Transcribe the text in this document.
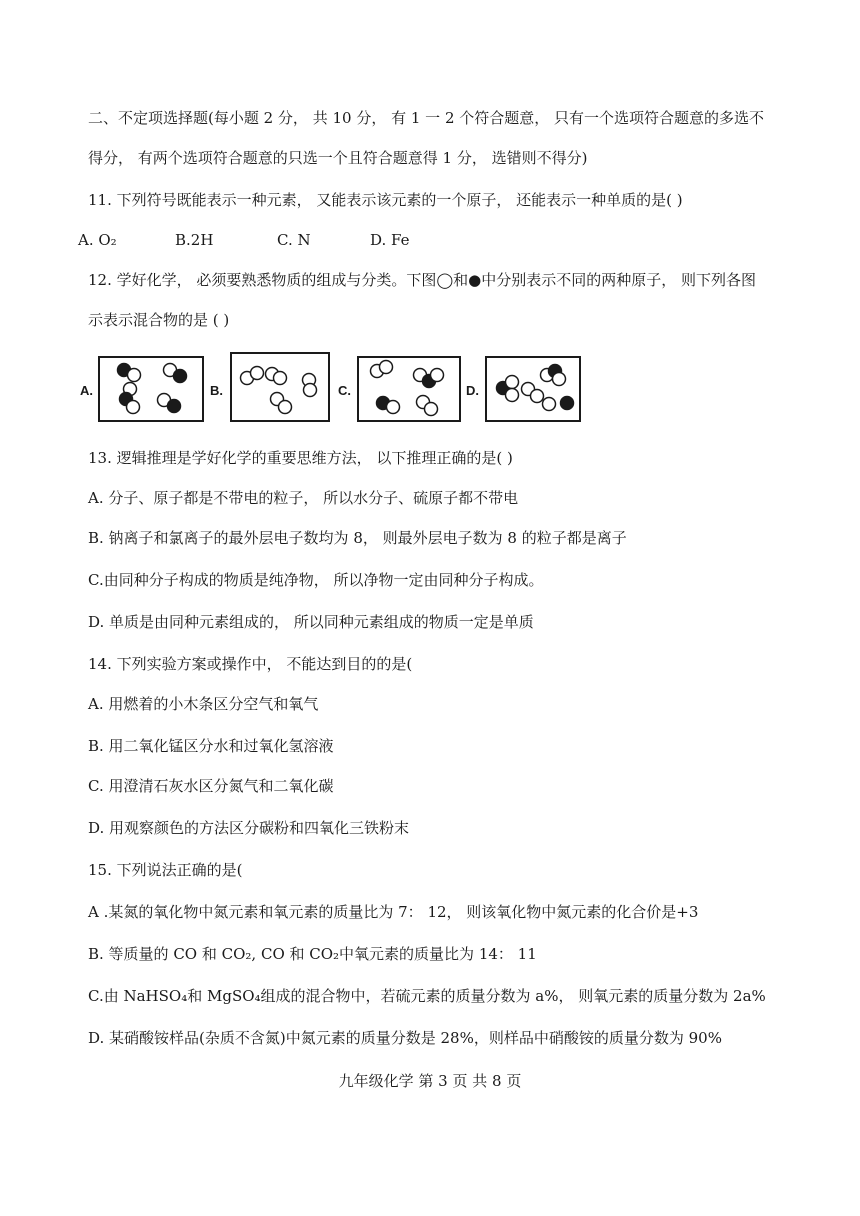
二、不定项选择题(每小题 2 分， 共 10 分， 有 1 一 2 个符合题意， 只有一个选项符合题意的多选不
得分， 有两个选项符合题意的只选一个且符合题意得 1 分， 选错则不得分)
11. 下列符号既能表示一种元素， 又能表示该元素的一个原子， 还能表示一种单质的是( )
A. O₂	B.2H	C. N	D. Fe
12. 学好化学， 必须要熟悉物质的组成与分类。下图◯和●中分别表示不同的两种原子， 则下列各图
示表示混合物的是 ( )
A.	B.	C.	D.
13. 逻辑推理是学好化学的重要思维方法， 以下推理正确的是( )
A. 分子、原子都是不带电的粒子， 所以水分子、硫原子都不带电
B. 钠离子和氯离子的最外层电子数均为 8， 则最外层电子数为 8 的粒子都是离子
C.由同种分子构成的物质是纯净物， 所以净物一定由同种分子构成。
D. 单质是由同种元素组成的， 所以同种元素组成的物质一定是单质
14. 下列实验方案或操作中， 不能达到目的的是(
A. 用燃着的小木条区分空气和氧气
B. 用二氧化锰区分水和过氧化氢溶液
C. 用澄清石灰水区分氮气和二氧化碳
D. 用观察颜色的方法区分碳粉和四氧化三铁粉末
15. 下列说法正确的是(
A .某氮的氧化物中氮元素和氧元素的质量比为 7： 12， 则该氧化物中氮元素的化合价是+3
B. 等质量的 CO 和 CO₂, CO 和 CO₂中氧元素的质量比为 14： 11
C.由 NaHSO₄和 MgSO₄组成的混合物中，若硫元素的质量分数为 a%， 则氧元素的质量分数为 2a%
D. 某硝酸铵样品(杂质不含氮)中氮元素的质量分数是 28%，则样品中硝酸铵的质量分数为 90%
九年级化学 第 3 页 共 8 页
